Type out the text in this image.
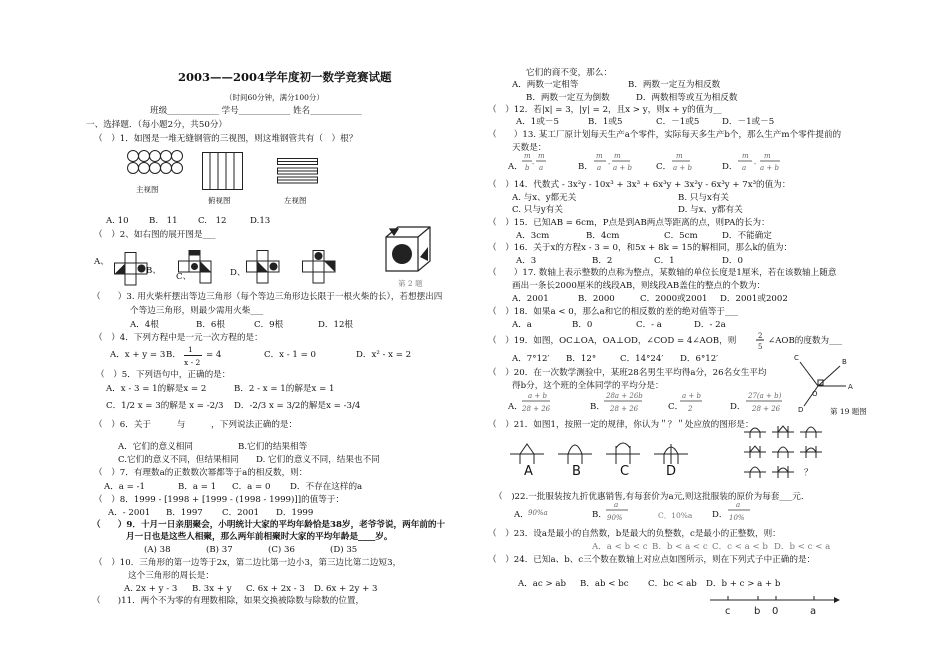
2003——2004学年度初一数学竞赛试题
（时间60分钟，满分100分）
班级____________ 学号____________ 姓名____________
一、选择题．（每小题2分，共50分）
（　）1．如图是一堆无缝钢管的三视图，则这堆钢管共有（　）根？
主视图
俯视图	左视图
A. 10 B.　11 C.　12	D.13
（　）2、如右图的展开图是___
A、
B、
C、	D、
第 2 题
（　　）3. 用火柴杆摆出等边三角形（每个等边三角形边长限于一根火柴的长），若想摆出四
个等边三角形，则最少需用火柴___
A．4根	B．6根	C．9根	D．12根
（　）4．下列方程中是一元一次方程的是：
A．x + y = 3 B．
1
x - 2
= 4	C．x - 1 = 0	D．x² - x = 2
（　）5．下列语句中，正确的是：
A．x - 3 = 1的解是x = 2	B．2 - x = 1的解是x = 1
C．1/2 x = 3的解是 x = -2/3 D．-2/3 x = 3/2的解是x = -3/4
（　）6．关于　　　与　　　，下列说法正确的是：
A．它们的意义相同	B.它们的结果相等
C.它们的意义不同，但结果相同 D. 它们的意义不同，结果也不同
（　）7．有理数a的正数数次幂都等于a的相反数，则：
A．a = -1	B．a = 1 C．a = 0 D．不存在这样的a
（　）8．1999 - [1998 + [1999 - (1998 - 1999)]]的值等于：
A．- 2001 B．1997 C．2001 D．1999
（　　）9．十月一日亲朋聚会，小明统计大家的平均年龄恰是38岁，老爷爷说，两年前的十
月一日也是这些人相聚，那么两年前相聚时大家的平均年龄是____岁。
(A) 38	(B) 37	(C) 36	(D) 35
（　）10．三角形的第一边等于2x，第二边比第一边小3，第三边比第二边短3，
这个三角形的周长是：
A. 2x + y - 3 B. 3x + y C. 6x + 2x - 3 D. 6x + 2y + 3
（　　)11．两个不为零的有理数相除，如果交换被除数与除数的位置，
它们的商不变，那么：
A．两数一定相等	B．两数一定互为相反数
B．两数一定互为倒数	D．两数相等或互为相反数
（　）12．若|x| = 3，|y| = 2，且x > y，则x + y的值为__
A．1或－5	B．1或5	C．－1或5	D．－1或－5
（　　）13. 某工厂原计划每天生产a个零件，实际每天多生产b个，那么生产m个零件提前的
天数是：
A．	B．	C．	D．
m
b -
m
a
m
a -
m
a + b
m
a + b
m
a -
m
a + b
（　）14．代数式 - 3x²y - 10x³ + 3x³ + 6x³y + 3x²y - 6x³y + 7x³的值为：
A. 与x、y都无关	B. 只与x有关
C. 只与y有关	D. 与x、y都有关
（　）15．已知AB = 6cm，P点是到AB两点等距离的点，则PA的长为：
A．3cm	B．4cm	C．5cm	D．不能确定
（　）16．关于x的方程x - 3 = 0，和5x + 8k = 15的解相同，那么k的值为：
A．3	B．2	C．1	D．0
（　　）17. 数轴上表示整数的点称为整点，某数轴的单位长度是1厘米，若在该数轴上随意
画出一条长2000厘米的线段AB，则线段AB盖住的整点的个数为：
A．2001	B．2000	C．2000或2001 D．2001或2002
（　）18．如果a < 0，那么a和它的相反数的差的绝对值等于___
A．a	B．0	C．- a	D．- 2a
（　）19．如图，OC⊥OA，OA⊥OD，∠COD = 4∠AOB，则	2
5
∠AOB的度数为___
A．7°12′ B．12°	C．14°24′ D．6°12′	C	B
A
D
O
第 19 题图
（　）20．在一次数学测验中，某班28名男生平均得a分，26名女生平均
得b分，这个班的全体同学的平均分是：
A．	B．	C．	D．
a + b
28 + 26
28a + 26b
28 + 26
a + b
2
27(a + b)
28 + 26
（　）21．如图1，按照一定的规律，你认为＂？＂处应放的图形是：
A	B	C	D	？
（　)22.一批服装按九折优惠销售,有每套价为a元,则这批服装的原价为每套___元.
A．	B．	C．10%a D．
90%a
a
90%
a
10%
（　）23．设a是最小的自然数，b是最大的负整数，c是最小的正整数，则：
A．a < b < c B．b < a < c C．c < a < b D．b < c < a
（　）24．已知a、b、c三个数在数轴上对应点如图所示，则在下列式子中正确的是：
A．ac > ab B．ab < bc C．bc < ab D．b + c > a + b
c b 0	a
